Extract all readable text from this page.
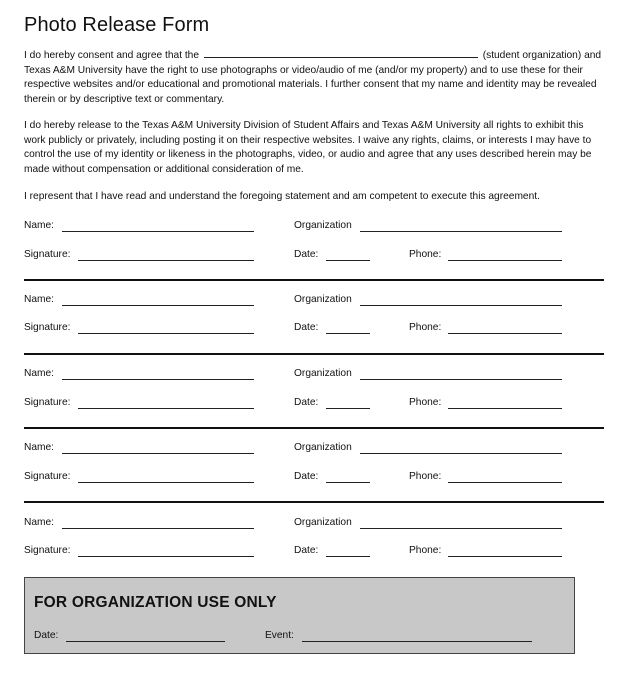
Photo Release Form
I do hereby consent and agree that the	(student organization) and Texas A&M University have the right to use photographs or video/audio of me (and/or my property) and to use these for their respective websites and/or educational and promotional materials. I further consent that my name and identity may be revealed therein or by descriptive text or commentary.
I do hereby release to the Texas A&M University Division of Student Affairs and Texas A&M University all rights to exhibit this work publicly or privately, including posting it on their respective websites. I waive any rights, claims, or interests I may have to control the use of my identity or likeness in the photographs, video, or audio and agree that any uses described herein may be made without compensation or additional consideration of me.
I represent that I have read and understand the foregoing statement and am competent to execute this agreement.
Name:	Organization
Signature:	Date:	Phone:
Name:	Organization
Signature:	Date:	Phone:
Name:	Organization
Signature:	Date:	Phone:
Name:	Organization
Signature:	Date:	Phone:
Name:	Organization
Signature:	Date:	Phone:
FOR ORGANIZATION USE ONLY
Date:	Event:
